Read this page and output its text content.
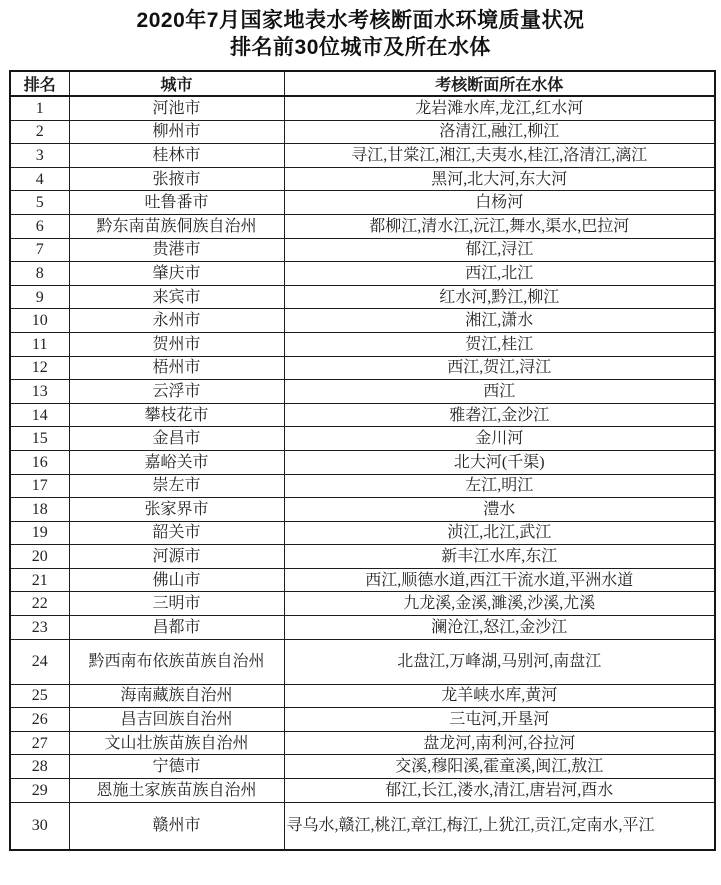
2020年7月国家地表水考核断面水环境质量状况
排名前30位城市及所在水体
排名	城市	考核断面所在水体
1	河池市	龙岩滩水库,龙江,红水河
2	柳州市	洛清江,融江,柳江
3	桂林市	寻江,甘棠江,湘江,夫夷水,桂江,洛清江,漓江
4	张掖市	黑河,北大河,东大河
5	吐鲁番市	白杨河
6	黔东南苗族侗族自治州	都柳江,清水江,沅江,舞水,渠水,巴拉河
7	贵港市	郁江,浔江
8	肇庆市	西江,北江
9	来宾市	红水河,黔江,柳江
10	永州市	湘江,潇水
11	贺州市	贺江,桂江
12	梧州市	西江,贺江,浔江
13	云浮市	西江
14	攀枝花市	雅砻江,金沙江
15	金昌市	金川河
16	嘉峪关市	北大河(千渠)
17	崇左市	左江,明江
18	张家界市	澧水
19	韶关市	浈江,北江,武江
20	河源市	新丰江水库,东江
21	佛山市	西江,顺德水道,西江干流水道,平洲水道
22	三明市	九龙溪,金溪,濉溪,沙溪,尤溪
23	昌都市	澜沧江,怒江,金沙江
24	黔西南布依族苗族自治州	北盘江,万峰湖,马别河,南盘江
25	海南藏族自治州	龙羊峡水库,黄河
26	昌吉回族自治州	三屯河,开垦河
27	文山壮族苗族自治州	盘龙河,南利河,谷拉河
28	宁德市	交溪,穆阳溪,霍童溪,闽江,敖江
29	恩施土家族苗族自治州	郁江,长江,溇水,清江,唐岩河,酉水
30	赣州市	寻乌水,赣江,桃江,章江,梅江,上犹江,贡江,定南水,平江
